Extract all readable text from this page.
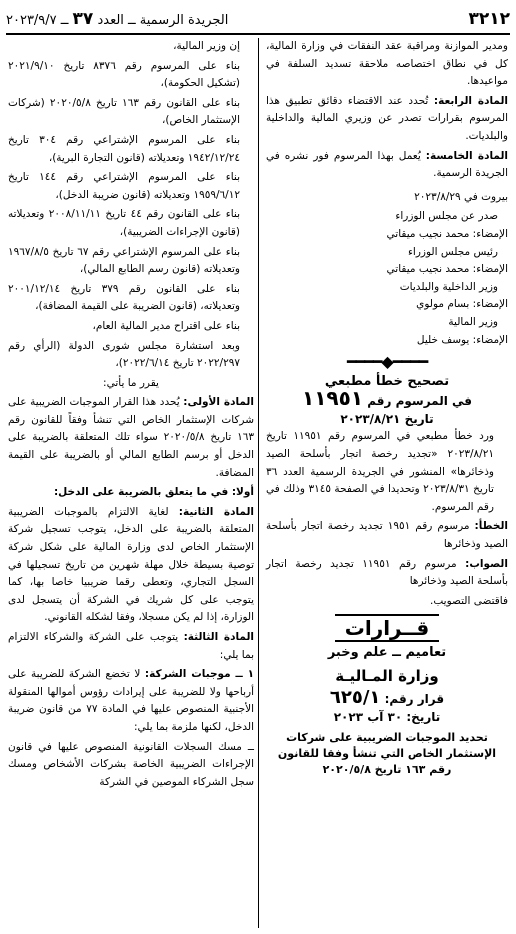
٣٢١٢
الجريدة الرسمية ــ العدد ٣٧ ــ ٢٠٢٣/٩/٧

ومدير الموازنة ومراقبة عقد النفقات في وزارة المالية، كل في نطاق اختصاصه ملاحقة تسديد السلفة في مواعيدها.

المادة الرابعة: تُحدد عند الاقتضاء دقائق تطبيق هذا المرسوم بقرارات تصدر عن وزيري المالية والداخلية والبلديات.

المادة الخامسة: يُعمل بهذا المرسوم فور نشره في الجريدة الرسمية.

بيروت في ٢٠٢٣/٨/٢٩

صدر عن مجلس الوزراء

الإمضاء: محمد نجيب ميقاتي

رئيس مجلس الوزراء

الإمضاء: محمد نجيب ميقاتي

وزير الداخلية والبلديات

الإمضاء: بسام مولوي

وزير المالية

الإمضاء: يوسف خليل

━━━━◆━━━━

تصحيح خطأ مطبعي

في المرسوم رقم ١١٩٥١

تاريخ ٢٠٢٣/٨/٢١

ورد خطأ مطبعي في المرسوم رقم ١١٩٥١ تاريخ ٢٠٢٣/٨/٢١ «تجديد رخصة اتجار بأسلحة الصيد وذخائرها» المنشور في الجريدة الرسمية العدد ٣٦ تاريخ ٢٠٢٣/٨/٣١ وتحديدا في الصفحة ٣١٤٥ وذلك في رقم المرسوم.

الخطأ: مرسوم رقم ١٩٥١ تجديد رخصة اتجار بأسلحة الصيد وذخائرها

الصواب: مرسوم رقم ١١٩٥١ تجديد رخصة اتجار بأسلحة الصيد وذخائرها

فاقتضى التصويب.

قــرارات

تعاميم ــ علم وخبر

وزارة المـاليـة

قرار رقم: ٦٢٥/١

تاريخ: ٣٠ آب ٢٠٢٣

تحديد الموجبات الضريبية على شركات الإستثمار الخاص التي تنشأ وفقا للقانون رقم ١٦٣ تاريخ ٢٠٢٠/٥/٨

إن وزير المالية،

بناء على المرسوم رقم ٨٣٧٦ تاريخ ٢٠٢١/٩/١٠ (تشكيل الحكومة)،

بناء على القانون رقم ١٦٣ تاريخ ٢٠٢٠/٥/٨ (شركات الإستثمار الخاص)،

بناء على المرسوم الإشتراعي رقم ٣٠٤ تاريخ ١٩٤٢/١٢/٢٤ وتعديلاته (قانون التجارة البرية)،

بناء على المرسوم الإشتراعي رقم ١٤٤ تاريخ ١٩٥٩/٦/١٢ وتعديلاته (قانون ضريبة الدخل)،

بناء على القانون رقم ٤٤ تاريخ ٢٠٠٨/١١/١١ وتعديلاته (قانون الإجراءات الضريبية)،

بناء على المرسوم الإشتراعي رقم ٦٧ تاريخ ١٩٦٧/٨/٥ وتعديلاته (قانون رسم الطابع المالي)،

بناء على القانون رقم ٣٧٩ تاريخ ٢٠٠١/١٢/١٤ وتعديلاته، (قانون الضريبة على القيمة المضافة)،

بناء على اقتراح مدير المالية العام،

وبعد استشارة مجلس شورى الدولة (الرأي رقم ٢٠٢٢/٢٩٧ تاريخ ٢٠٢٢/٦/١٤)،

يقرر ما يأتي:

المادة الأولى: يُحدد هذا القرار الموجبات الضريبية على شركات الإستثمار الخاص التي تنشأ وفقاً للقانون رقم ١٦٣ تاريخ ٢٠٢٠/٥/٨ سواء تلك المتعلقة بالضريبة على الدخل أو برسم الطابع المالي أو بالضريبة على القيمة المضافة.

أولا: في ما يتعلق بالضريبة على الدخل:

المادة الثانية: لغاية الالتزام بالموجبات الضريبية المتعلقة بالضريبة على الدخل، يتوجب تسجيل شركة الإستثمار الخاص لدى وزارة المالية على شكل شركة توصية بسيطة خلال مهلة شهرين من تاريخ تسجيلها في السجل التجاري، وتعطى رقما ضريبيا خاصا بها، كما يتوجب على كل شريك في الشركة أن يتسجل لدى الوزارة، إذا لم يكن مسجلا، وفقا لشكله القانوني.

المادة الثالثة: يتوجب على الشركة والشركاء الالتزام بما يلي:

١ ــ موجبات الشركة: لا تخضع الشركة للضريبة على أرباحها ولا للضريبة على إيرادات رؤوس أموالها المنقولة الأجنبية المنصوص عليها في المادة ٧٧ من قانون ضريبة الدخل، لكنها ملزمة بما يلي:

ــ مسك السجلات القانونية المنصوص عليها في قانون الإجراءات الضريبية الخاصة بشركات الأشخاص ومسك سجل الشركاء الموصين في الشركة
